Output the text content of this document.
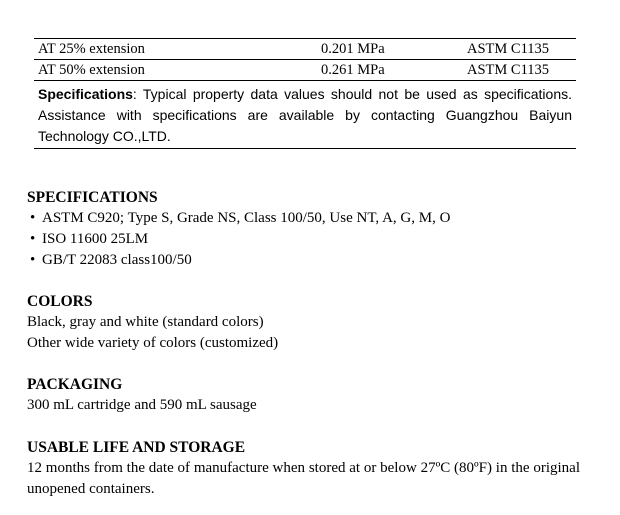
AT 25% extension	0.201 MPa	ASTM C1135
AT 50% extension	0.261 MPa	ASTM C1135
Specifications: Typical property data values should not be used as specifications. Assistance with specifications are available by contacting Guangzhou Baiyun Technology CO.,LTD.
SPECIFICATIONS
• ASTM C920; Type S, Grade NS, Class 100/50, Use NT, A, G, M, O
• ISO 11600 25LM
• GB/T 22083 class100/50
COLORS

Black, gray and white (standard colors)

Other wide variety of colors (customized)

PACKAGING

300 mL cartridge and 590 mL sausage

USABLE LIFE AND STORAGE

12 months from the date of manufacture when stored at or below 27ºC (80ºF) in the original unopened containers.
